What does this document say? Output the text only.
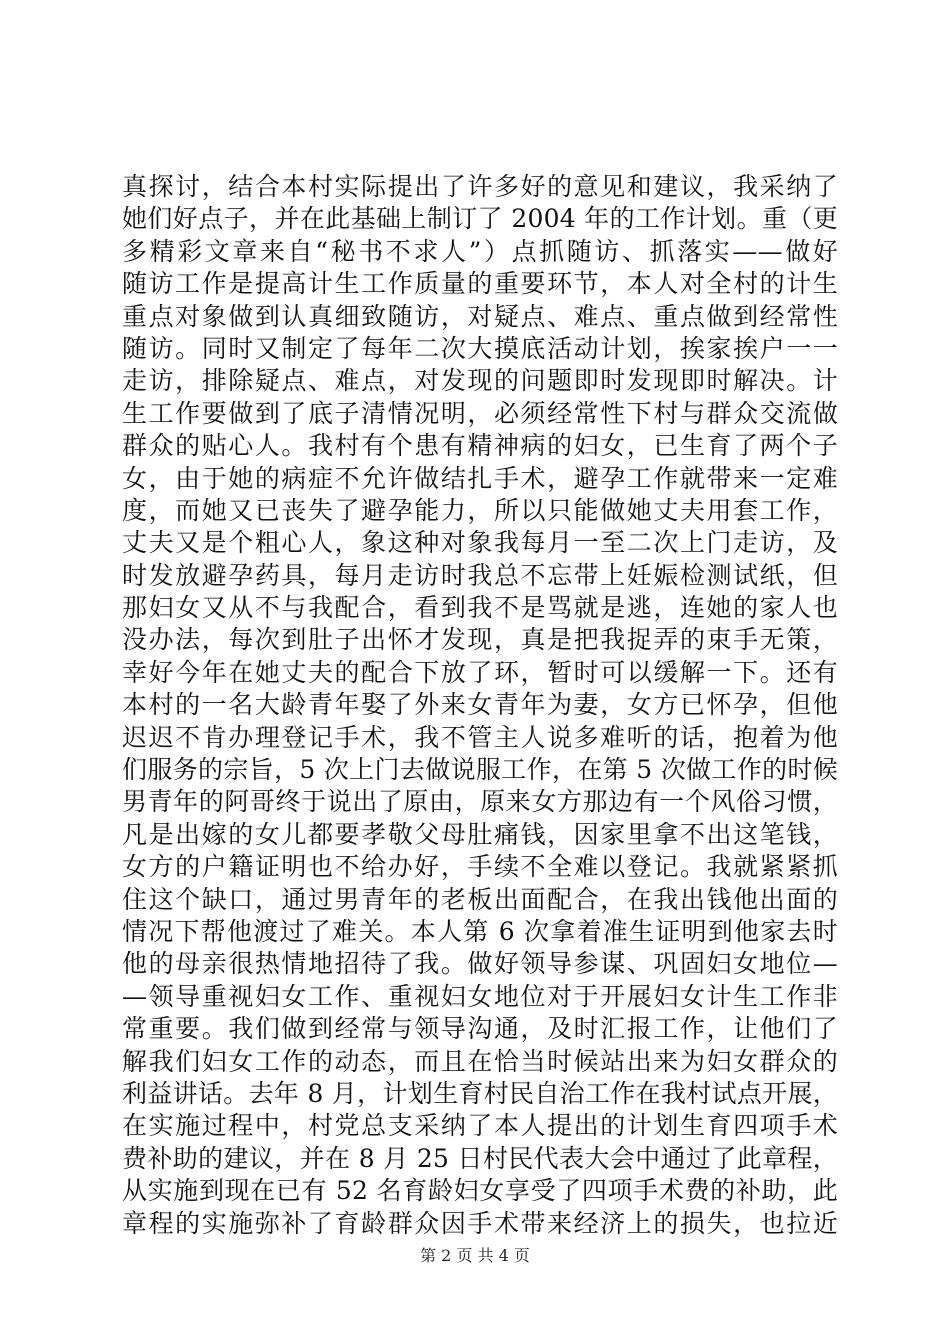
真探讨，结合本村实际提出了许多好的意见和建议，我采纳了
她们好点子，并在此基础上制订了 2004 年的工作计划。重（更
多精彩文章来自“秘书不求人”）点抓随访、抓落实——做好
随访工作是提高计生工作质量的重要环节，本人对全村的计生
重点对象做到认真细致随访，对疑点、难点、重点做到经常性
随访。同时又制定了每年二次大摸底活动计划，挨家挨户一一
走访，排除疑点、难点，对发现的问题即时发现即时解决。计
生工作要做到了底子清情况明，必须经常性下村与群众交流做
群众的贴心人。我村有个患有精神病的妇女，已生育了两个子
女，由于她的病症不允许做结扎手术，避孕工作就带来一定难
度，而她又已丧失了避孕能力，所以只能做她丈夫用套工作，
丈夫又是个粗心人，象这种对象我每月一至二次上门走访，及
时发放避孕药具，每月走访时我总不忘带上妊娠检测试纸，但
那妇女又从不与我配合，看到我不是骂就是逃，连她的家人也
没办法，每次到肚子出怀才发现，真是把我捉弄的束手无策，
幸好今年在她丈夫的配合下放了环，暂时可以缓解一下。还有
本村的一名大龄青年娶了外来女青年为妻，女方已怀孕，但他
迟迟不肯办理登记手术，我不管主人说多难听的话，抱着为他
们服务的宗旨，5 次上门去做说服工作，在第 5 次做工作的时候
男青年的阿哥终于说出了原由，原来女方那边有一个风俗习惯，
凡是出嫁的女儿都要孝敬父母肚痛钱，因家里拿不出这笔钱，
女方的户籍证明也不给办好，手续不全难以登记。我就紧紧抓
住这个缺口，通过男青年的老板出面配合，在我出钱他出面的
情况下帮他渡过了难关。本人第 6 次拿着准生证明到他家去时
他的母亲很热情地招待了我。做好领导参谋、巩固妇女地位—
—领导重视妇女工作、重视妇女地位对于开展妇女计生工作非
常重要。我们做到经常与领导沟通，及时汇报工作，让他们了
解我们妇女工作的动态，而且在恰当时候站出来为妇女群众的
利益讲话。去年 8 月，计划生育村民自治工作在我村试点开展，
在实施过程中，村党总支采纳了本人提出的计划生育四项手术
费补助的建议，并在 8 月 25 日村民代表大会中通过了此章程，
从实施到现在已有 52 名育龄妇女享受了四项手术费的补助，此
章程的实施弥补了育龄群众因手术带来经济上的损失，也拉近
第 2 页 共 4 页
